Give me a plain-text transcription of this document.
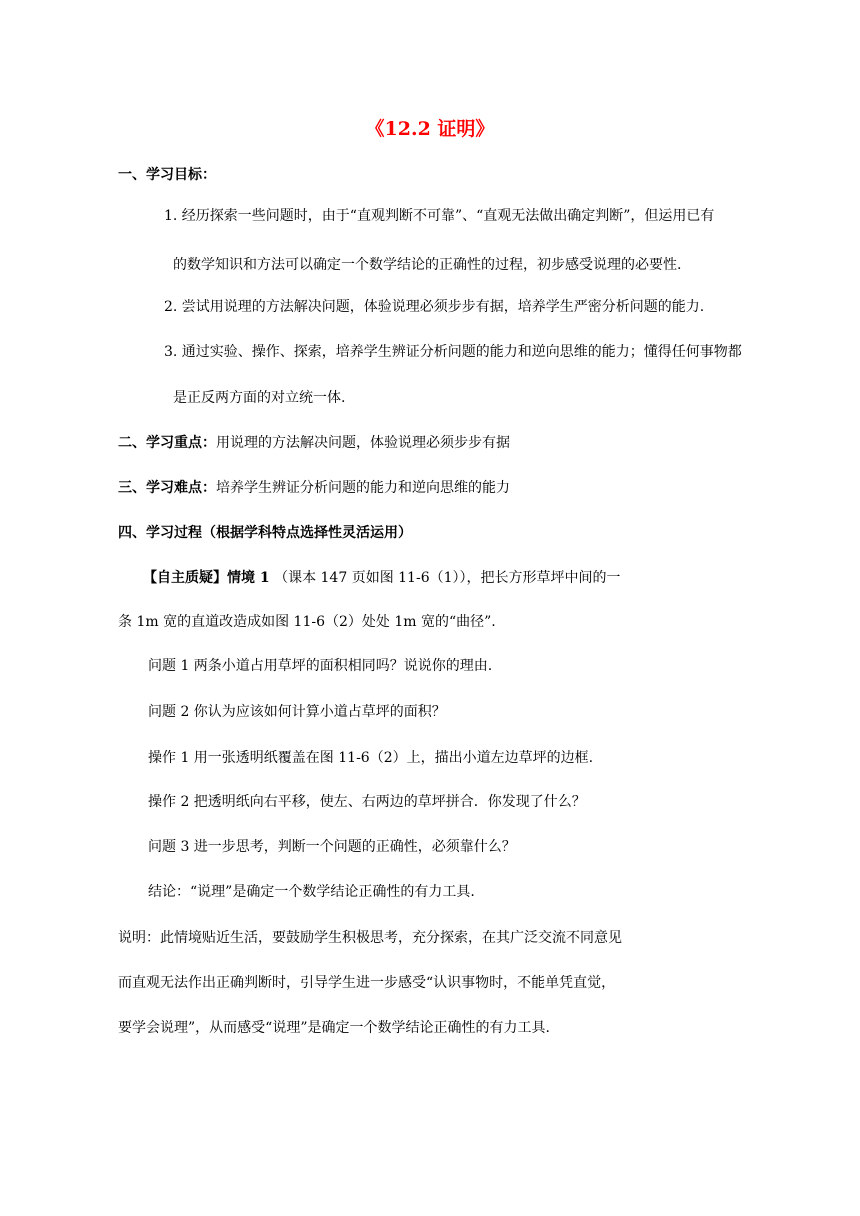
《12.2 证明》
一、学习目标：
1. 经历探索一些问题时，由于“直观判断不可靠”、“直观无法做出确定判断”，但运用已有
的数学知识和方法可以确定一个数学结论的正确性的过程，初步感受说理的必要性.
2. 尝试用说理的方法解决问题，体验说理必须步步有据，培养学生严密分析问题的能力.
3. 通过实验、操作、探索，培养学生辨证分析问题的能力和逆向思维的能力；懂得任何事物都
是正反两方面的对立统一体.
二、学习重点：用说理的方法解决问题，体验说理必须步步有据
三、学习难点：培养学生辨证分析问题的能力和逆向思维的能力
四、学习过程（根据学科特点选择性灵活运用）
【自主质疑】情境 1 （课本 147 页如图 11-6（1）），把长方形草坪中间的一
条 1m 宽的直道改造成如图 11-6（2）处处 1m 宽的“曲径”.
问题 1 两条小道占用草坪的面积相同吗？说说你的理由.
问题 2 你认为应该如何计算小道占草坪的面积？
操作 1 用一张透明纸覆盖在图 11-6（2）上，描出小道左边草坪的边框.
操作 2 把透明纸向右平移，使左、右两边的草坪拼合．你发现了什么？
问题 3 进一步思考，判断一个问题的正确性，必须靠什么？
结论：“说理”是确定一个数学结论正确性的有力工具.
说明：此情境贴近生活，要鼓励学生积极思考，充分探索，在其广泛交流不同意见
而直观无法作出正确判断时，引导学生进一步感受“认识事物时，不能单凭直觉，
要学会说理”，从而感受“说理”是确定一个数学结论正确性的有力工具.
